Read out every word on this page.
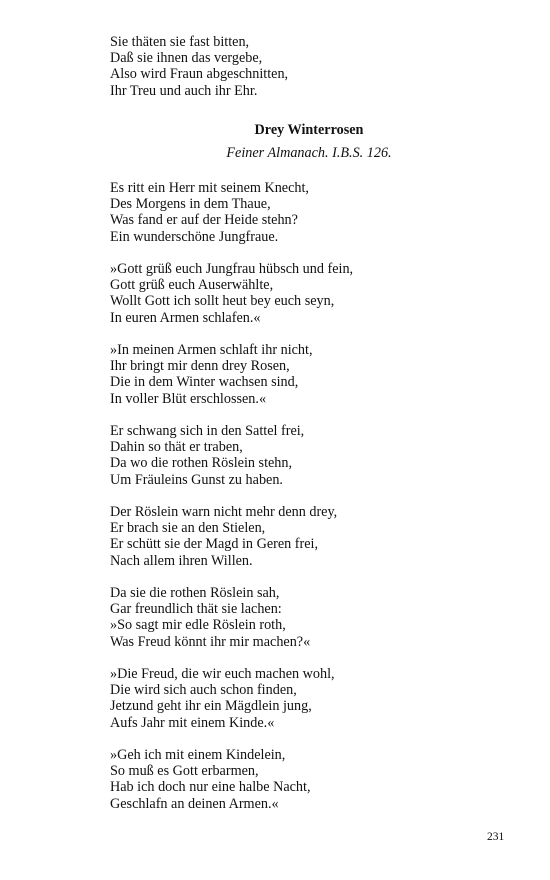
Sie thäten sie fast bitten,
Daß sie ihnen das vergebe,
Also wird Fraun abgeschnitten,
Ihr Treu und auch ihr Ehr.
Drey Winterrosen
Feiner Almanach. I.B.S. 126.
Es ritt ein Herr mit seinem Knecht,
Des Morgens in dem Thaue,
Was fand er auf der Heide stehn?
Ein wunderschöne Jungfraue.
»Gott grüß euch Jungfrau hübsch und fein,
Gott grüß euch Auserwählte,
Wollt Gott ich sollt heut bey euch seyn,
In euren Armen schlafen.«
»In meinen Armen schlaft ihr nicht,
Ihr bringt mir denn drey Rosen,
Die in dem Winter wachsen sind,
In voller Blüt erschlossen.«
Er schwang sich in den Sattel frei,
Dahin so thät er traben,
Da wo die rothen Röslein stehn,
Um Fräuleins Gunst zu haben.
Der Röslein warn nicht mehr denn drey,
Er brach sie an den Stielen,
Er schütt sie der Magd in Geren frei,
Nach allem ihren Willen.
Da sie die rothen Röslein sah,
Gar freundlich thät sie lachen:
»So sagt mir edle Röslein roth,
Was Freud könnt ihr mir machen?«
»Die Freud, die wir euch machen wohl,
Die wird sich auch schon finden,
Jetzund geht ihr ein Mägdlein jung,
Aufs Jahr mit einem Kinde.«
»Geh ich mit einem Kindelein,
So muß es Gott erbarmen,
Hab ich doch nur eine halbe Nacht,
Geschlafn an deinen Armen.«
231
